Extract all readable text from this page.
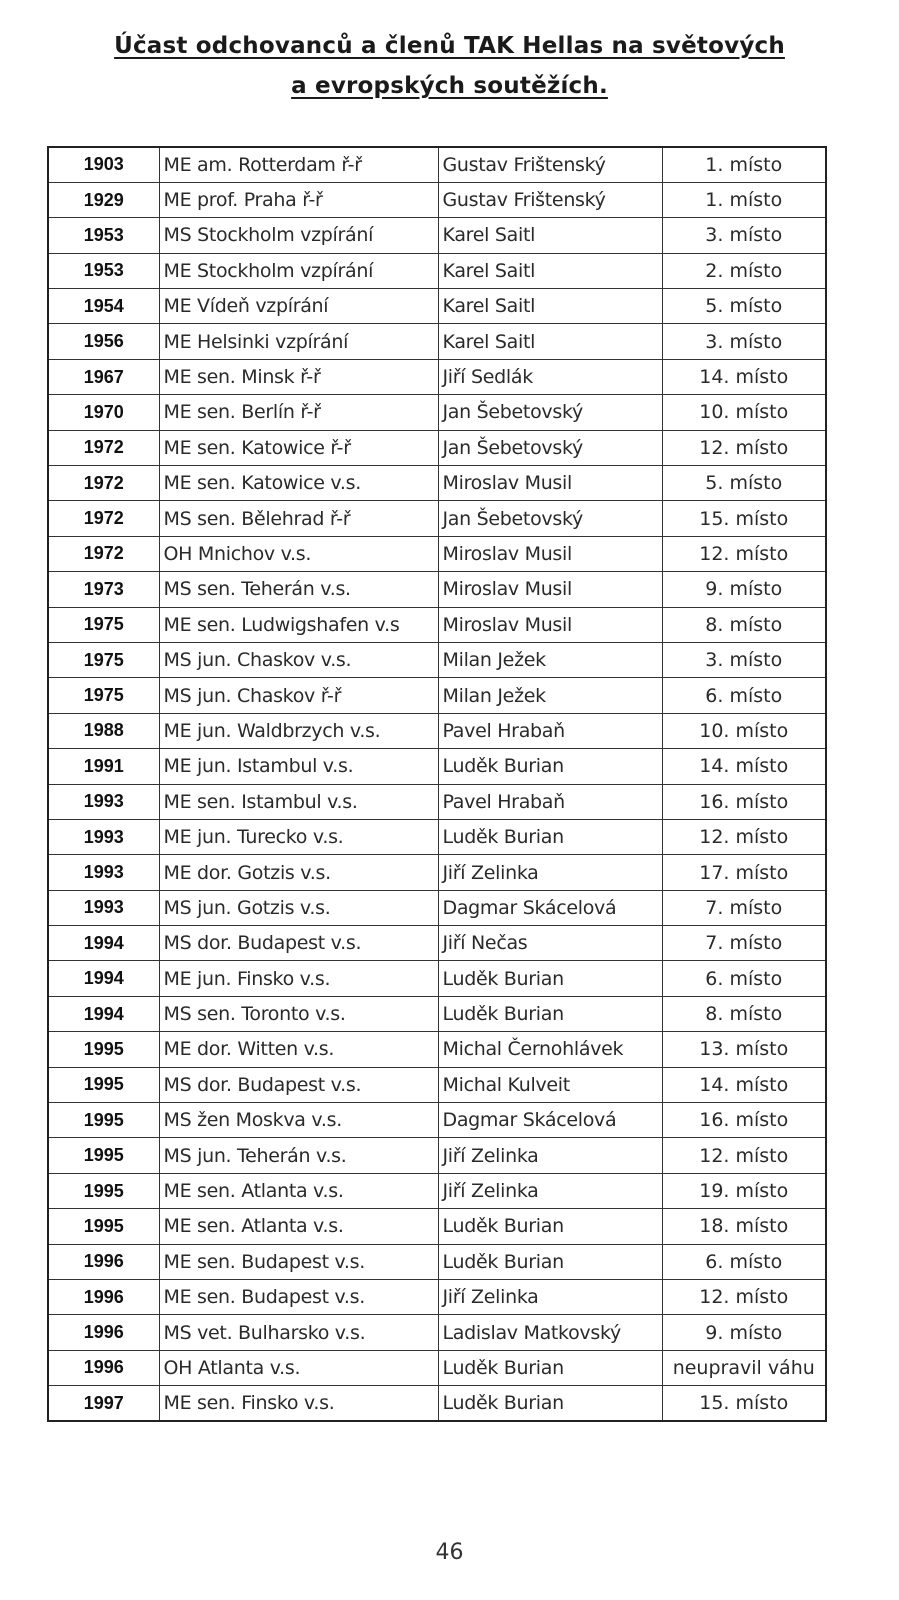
Účast odchovanců a členů TAK Hellas na světových
a evropských soutěžích.
1903	ME am. Rotterdam ř-ř	Gustav Frištenský	1. místo
1929	ME prof. Praha ř-ř	Gustav Frištenský	1. místo
1953	MS Stockholm vzpírání	Karel Saitl	3. místo
1953	ME Stockholm vzpírání	Karel Saitl	2. místo
1954	ME Vídeň vzpírání	Karel Saitl	5. místo
1956	ME Helsinki vzpírání	Karel Saitl	3. místo
1967	ME sen. Minsk ř-ř	Jiří Sedlák	14. místo
1970	ME sen. Berlín ř-ř	Jan Šebetovský	10. místo
1972	ME sen. Katowice ř-ř	Jan Šebetovský	12. místo
1972	ME sen. Katowice v.s.	Miroslav Musil	5. místo
1972	MS sen. Bělehrad ř-ř	Jan Šebetovský	15. místo
1972	OH Mnichov v.s.	Miroslav Musil	12. místo
1973	MS sen. Teherán v.s.	Miroslav Musil	9. místo
1975	ME sen. Ludwigshafen v.s	Miroslav Musil	8. místo
1975	MS jun. Chaskov v.s.	Milan Ježek	3. místo
1975	MS jun. Chaskov ř-ř	Milan Ježek	6. místo
1988	ME jun. Waldbrzych v.s.	Pavel Hrabaň	10. místo
1991	ME jun. Istambul v.s.	Luděk Burian	14. místo
1993	ME sen. Istambul v.s.	Pavel Hrabaň	16. místo
1993	ME jun. Turecko v.s.	Luděk Burian	12. místo
1993	ME dor. Gotzis v.s.	Jiří Zelinka	17. místo
1993	MS jun. Gotzis v.s.	Dagmar Skácelová	7. místo
1994	MS dor. Budapest v.s.	Jiří Nečas	7. místo
1994	ME jun. Finsko v.s.	Luděk Burian	6. místo
1994	MS sen. Toronto v.s.	Luděk Burian	8. místo
1995	ME dor. Witten v.s.	Michal Černohlávek	13. místo
1995	MS dor. Budapest v.s.	Michal Kulveit	14. místo
1995	MS žen Moskva v.s.	Dagmar Skácelová	16. místo
1995	MS jun. Teherán v.s.	Jiří Zelinka	12. místo
1995	ME sen. Atlanta v.s.	Jiří Zelinka	19. místo
1995	ME sen. Atlanta v.s.	Luděk Burian	18. místo
1996	ME sen. Budapest v.s.	Luděk Burian	6. místo
1996	ME sen. Budapest v.s.	Jiří Zelinka	12. místo
1996	MS vet. Bulharsko v.s.	Ladislav Matkovský	9. místo
1996	OH Atlanta v.s.	Luděk Burian	neupravil váhu
1997	ME sen. Finsko v.s.	Luděk Burian	15. místo
46
